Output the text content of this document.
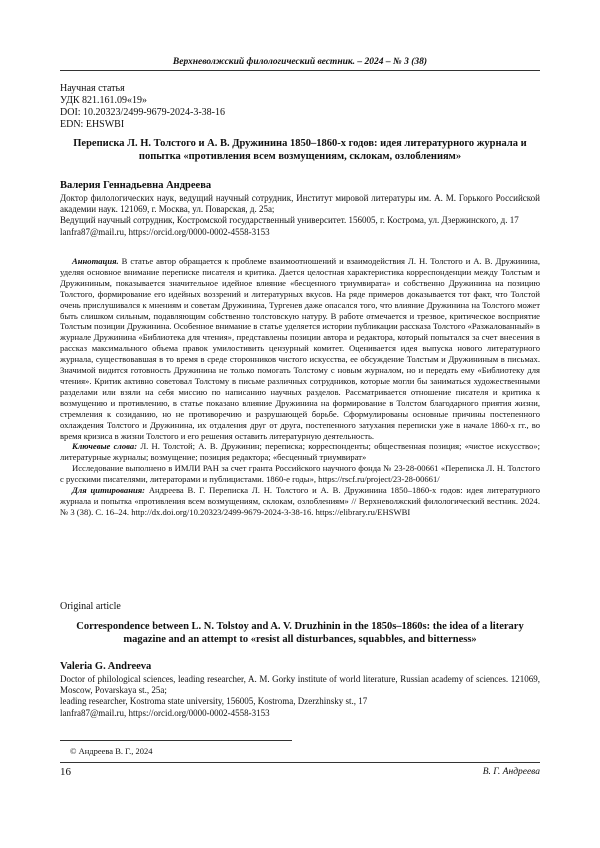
Верхневолжский филологический вестник. – 2024 – № 3 (38)
Научная статья
УДК 821.161.09«19»
DOI: 10.20323/2499-9679-2024-3-38-16
EDN: EHSWBI
Переписка Л. Н. Толстого и А. В. Дружинина 1850–1860-х годов: идея литературного журнала и попытка «противления всем возмущениям, склокам, озлоблениям»
Валерия Геннадьевна Андреева

Доктор филологических наук, ведущий научный сотрудник, Институт мировой литературы им. А. М. Горького Российской академии наук. 121069, г. Москва, ул. Поварская, д. 25а;

Ведущий научный сотрудник, Костромской государственный университет. 156005, г. Кострома, ул. Дзержинского, д. 17

lanfra87@mail.ru, https://orcid.org/0000-0002-4558-3153

Аннотация. В статье автор обращается к проблеме взаимоотношений и взаимодействия Л. Н. Толстого и А. В. Дружинина, уделяя основное внимание переписке писателя и критика. Дается целостная характеристика корреспонденции между Толстым и Дружининым, показывается значительное идейное влияние «бесценного триумвирата» и собственно Дружинина на позицию Толстого, формирование его идейных воззрений и литературных вкусов. На ряде примеров доказывается тот факт, что Толстой очень прислушивался к мнениям и советам Дружинина, Тургенев даже опасался того, что влияние Дружинина на Толстого может быть слишком сильным, подавляющим собственно толстовскую натуру. В работе отмечается и трезвое, критическое восприятие Толстым позиции Дружинина. Особенное внимание в статье уделяется истории публикации рассказа Толстого «Разжалованный» в журнале Дружинина «Библиотека для чтения», представлены позиции автора и редактора, который попытался за счет внесения в рассказ максимального объема правок умилостивить цензурный комитет. Оценивается идея выпуска нового литературного журнала, существовавшая в то время в среде сторонников чистого искусства, ее обсуждение Толстым и Дружининым в письмах. Значимой видится готовность Дружинина не только помогать Толстому с новым журналом, но и передать ему «Библиотеку для чтения». Критик активно советовал Толстому в письме различных сотрудников, которые могли бы заниматься художественными разделами или взяли на себя миссию по написанию научных разделов. Рассматривается отношение писателя и критика к возмущению и противлению, в статье показано влияние Дружинина на формирование в Толстом благодарного приятия жизни, стремления к созиданию, но не противоречию и разрушающей борьбе. Сформулированы основные причины постепенного охлаждения Толстого и Дружинина, их отдаления друг от друга, постепенного затухания переписки уже в начале 1860-х гг., во время кризиса в жизни Толстого и его решения оставить литературную деятельность.

Ключевые слова: Л. Н. Толстой; А. В. Дружинин; переписка; корреспонденты; общественная позиция; «чистое искусство»; литературные журналы; возмущение; позиция редактора; «бесценный триумвират»

Исследование выполнено в ИМЛИ РАН за счет гранта Российского научного фонда № 23-28-00661 «Переписка Л. Н. Толстого с русскими писателями, литераторами и публицистами. 1860-е годы», https://rscf.ru/project/23-28-00661/

Для цитирования: Андреева В. Г. Переписка Л. Н. Толстого и А. В. Дружинина 1850–1860-х годов: идея литературного журнала и попытка «противления всем возмущениям, склокам, озлоблениям» // Верхневолжский филологический вестник. 2024. № 3 (38). С. 16–24. http://dx.doi.org/10.20323/2499-9679-2024-3-38-16. https://elibrary.ru/EHSWBI

Original article
Correspondence between L. N. Tolstoy and A. V. Druzhinin in the 1850s–1860s: the idea of a literary magazine and an attempt to «resist all disturbances, squabbles, and bitterness»
Valeria G. Andreeva

Doctor of philological sciences, leading researcher, A. M. Gorky institute of world literature, Russian academy of sciences. 121069, Moscow, Povarskaya st., 25a;

leading researcher, Kostroma state university, 156005, Kostroma, Dzerzhinsky st., 17

lanfra87@mail.ru, https://orcid.org/0000-0002-4558-3153

© Андреева В. Г., 2024
16	В. Г. Андреева
